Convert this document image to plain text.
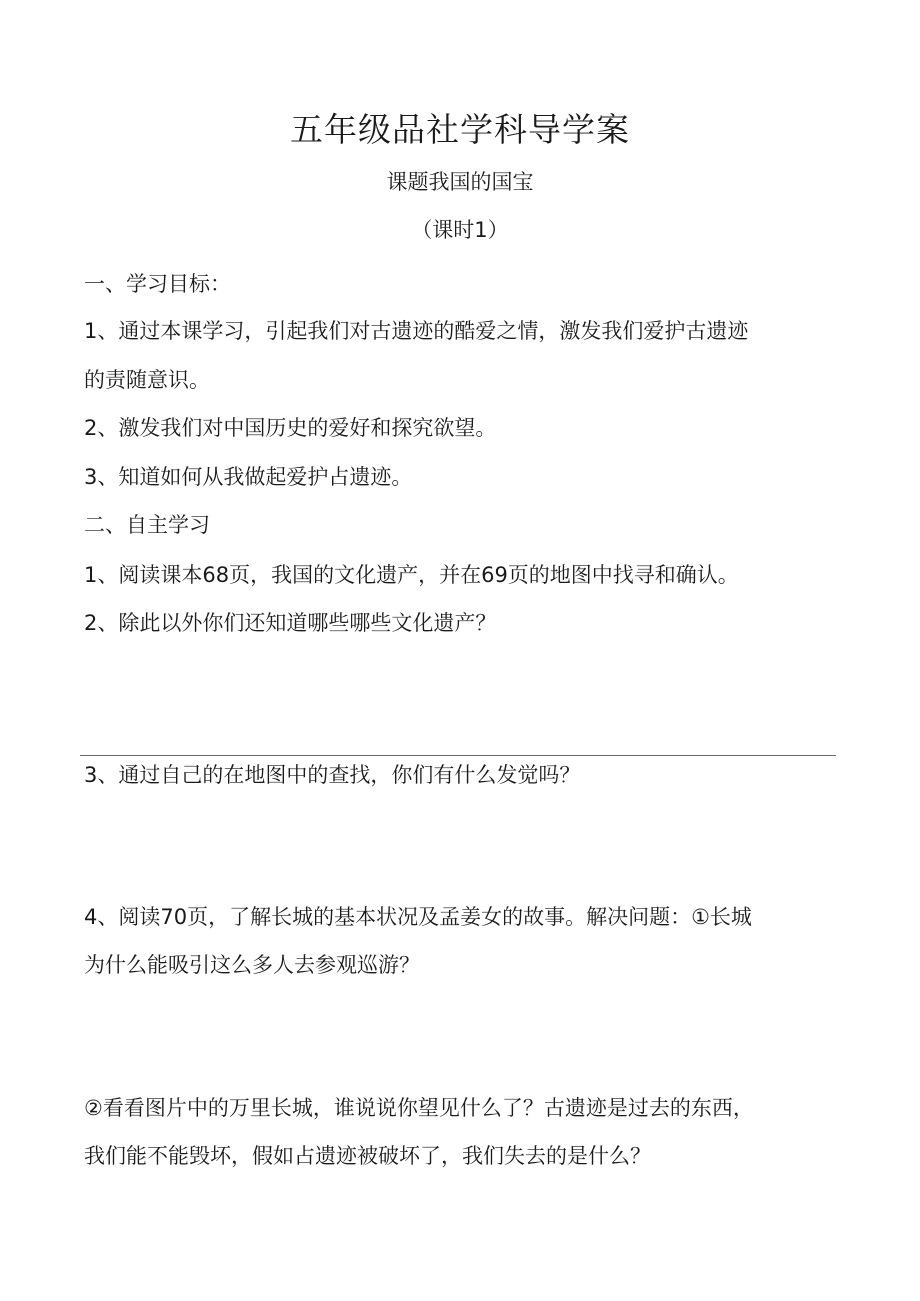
五年级品社学科导学案
课题我国的国宝
（课时1）
一、学习目标：
1、通过本课学习，引起我们对古遗迹的酷爱之情，激发我们爱护古遗迹
的责随意识。
2、激发我们对中国历史的爱好和探究欲望。
3、知道如何从我做起爱护占遗迹。
二、自主学习
1、阅读课本68页，我国的文化遗产，并在69页的地图中找寻和确认。
2、除此以外你们还知道哪些哪些文化遗产？
3、通过自己的在地图中的查找，你们有什么发觉吗？
4、阅读70页，了解长城的基本状况及孟姜女的故事。解决问题：①长城
为什么能吸引这么多人去参观巡游？
②看看图片中的万里长城，谁说说你望见什么了？古遗迹是过去的东西，
我们能不能毁坏，假如占遗迹被破坏了，我们失去的是什么？
